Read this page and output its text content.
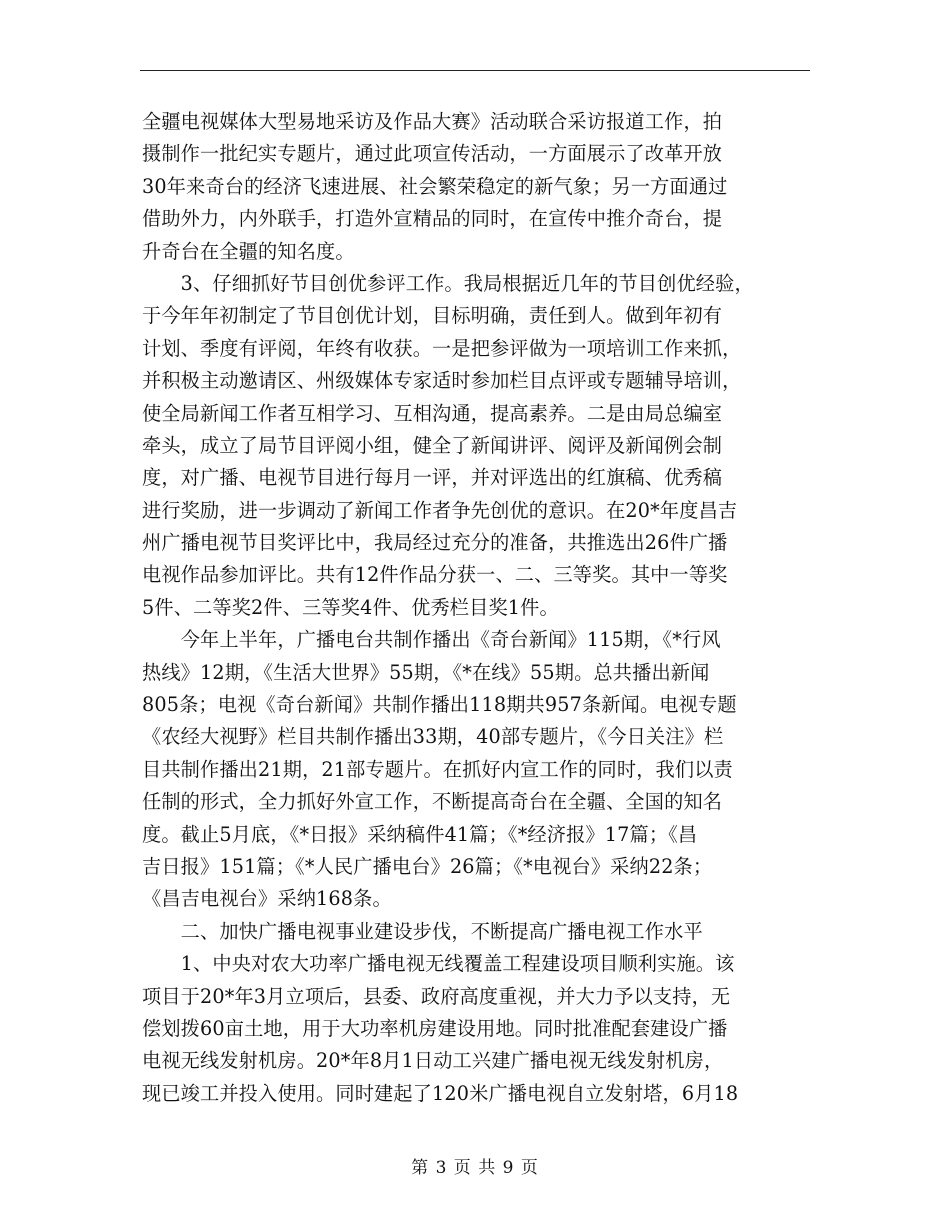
全疆电视媒体大型易地采访及作品大赛》活动联合采访报道工作，拍
摄制作一批纪实专题片，通过此项宣传活动，一方面展示了改革开放
30年来奇台的经济飞速进展、社会繁荣稳定的新气象；另一方面通过
借助外力，内外联手，打造外宣精品的同时，在宣传中推介奇台，提
升奇台在全疆的知名度。
　　3、仔细抓好节目创优参评工作。我局根据近几年的节目创优经验，
于今年年初制定了节目创优计划，目标明确，责任到人。做到年初有
计划、季度有评阅，年终有收获。一是把参评做为一项培训工作来抓，
并积极主动邀请区、州级媒体专家适时参加栏目点评或专题辅导培训，
使全局新闻工作者互相学习、互相沟通，提高素养。二是由局总编室
牵头，成立了局节目评阅小组，健全了新闻讲评、阅评及新闻例会制
度，对广播、电视节目进行每月一评，并对评选出的红旗稿、优秀稿
进行奖励，进一步调动了新闻工作者争先创优的意识。在20*年度昌吉
州广播电视节目奖评比中，我局经过充分的准备，共推选出26件广播
电视作品参加评比。共有12件作品分获一、二、三等奖。其中一等奖
5件、二等奖2件、三等奖4件、优秀栏目奖1件。
　　今年上半年，广播电台共制作播出《奇台新闻》115期，《*行风
热线》12期，《生活大世界》55期，《*在线》55期。总共播出新闻
805条；电视《奇台新闻》共制作播出118期共957条新闻。电视专题
《农经大视野》栏目共制作播出33期，40部专题片，《今日关注》栏
目共制作播出21期，21部专题片。在抓好内宣工作的同时，我们以责
任制的形式，全力抓好外宣工作，不断提高奇台在全疆、全国的知名
度。截止5月底，《*日报》采纳稿件41篇；《*经济报》17篇；《昌
吉日报》151篇；《*人民广播电台》26篇；《*电视台》采纳22条；
《昌吉电视台》采纳168条。
　　二、加快广播电视事业建设步伐，不断提高广播电视工作水平
　　1、中央对农大功率广播电视无线覆盖工程建设项目顺利实施。该
项目于20*年3月立项后，县委、政府高度重视，并大力予以支持，无
偿划拨60亩土地，用于大功率机房建设用地。同时批准配套建设广播
电视无线发射机房。20*年8月1日动工兴建广播电视无线发射机房，
现已竣工并投入使用。同时建起了120米广播电视自立发射塔，6月18
第 3 页 共 9 页
